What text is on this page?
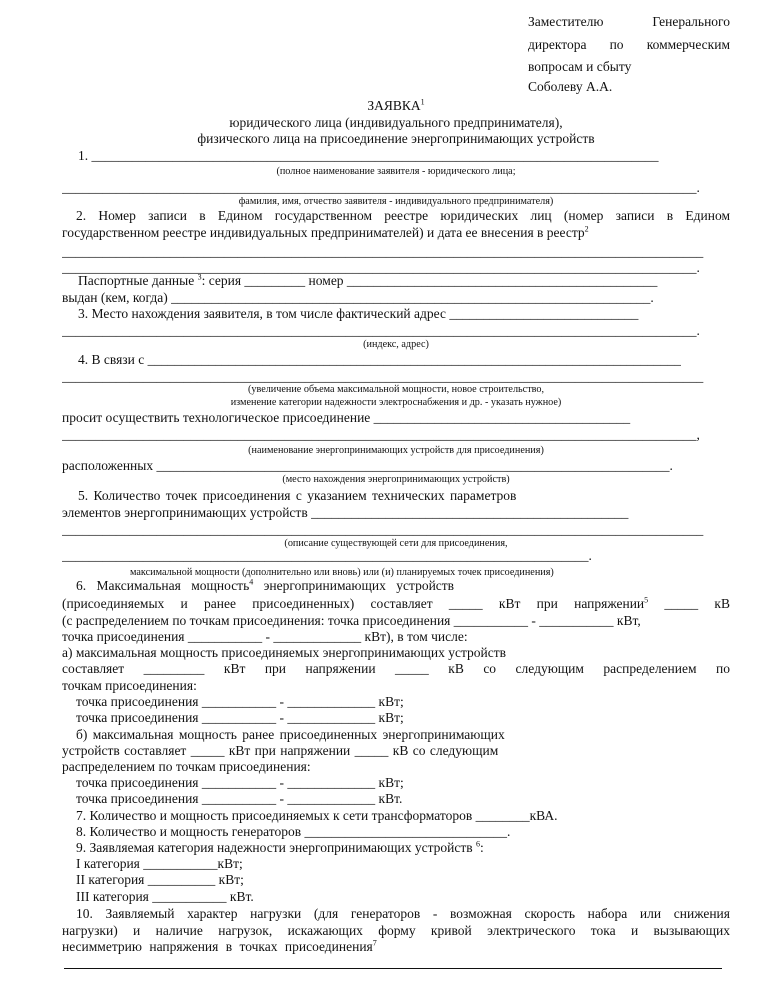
Заместителю Генерального
директора по коммерческим
вопросам и сбыту
Соболеву А.А.
ЗАЯВКА$^1$
юридического лица (индивидуального предпринимателя),
физического лица на присоединение энергопринимающих устройств
1. ____________________________________________________________________________________
(полное наименование заявителя - юридического лица;
______________________________________________________________________________________________.
фамилия, имя, отчество заявителя - индивидуального предпринимателя)
2. Номер записи в Едином государственном реестре юридических лиц (номер записи в Едином
государственном реестре индивидуальных предпринимателей) и дата ее внесения в реестр$^2$
_______________________________________________________________________________________________
______________________________________________________________________________________________.
Паспортные данные $^3$: серия _________ номер ______________________________________________
выдан (кем, когда) _______________________________________________________________________.
3. Место нахождения заявителя, в том числе фактический адрес ____________________________
______________________________________________________________________________________________.
(индекс, адрес)
4. В связи с _______________________________________________________________________________
_______________________________________________________________________________________________
(увеличение объема максимальной мощности, новое строительство,
изменение категории надежности электроснабжения и др. - указать нужное)
просит осуществить технологическое присоединение ______________________________________
______________________________________________________________________________________________,
(наименование энергопринимающих устройств для присоединения)
расположенных ____________________________________________________________________________.
(место нахождения энергопринимающих устройств)
5. Количество точек присоединения с указанием технических параметров
элементов энергопринимающих устройств _______________________________________________
_______________________________________________________________________________________________
(описание существующей сети для присоединения,
______________________________________________________________________________.
максимальной мощности (дополнительно или вновь) или (и) планируемых точек присоединения)
6. Максимальная мощность$^4$ энергопринимающих устройств
(присоединяемых и ранее присоединенных) составляет _____ кВт при напряжении$^5$ _____ кВ
(с распределением по точкам присоединения: точка присоединения ___________ - ___________ кВт,
точка присоединения ___________ - _____________ кВт), в том числе:
а) максимальная мощность присоединяемых энергопринимающих устройств
составляет _________ кВт при напряжении _____ кВ со следующим распределением по
точкам присоединения:
точка присоединения ___________ - _____________ кВт;
точка присоединения ___________ - _____________ кВт;
б) максимальная мощность ранее присоединенных энергопринимающих
устройств составляет _____ кВт при напряжении _____ кВ со следующим
распределением по точкам присоединения:
точка присоединения ___________ - _____________ кВт;
точка присоединения ___________ - _____________ кВт.
7. Количество и мощность присоединяемых к сети трансформаторов ________кВА.
8. Количество и мощность генераторов ______________________________.
9. Заявляемая категория надежности энергопринимающих устройств $^6$:
I категория ___________кВт;
II категория __________ кВт;
III категория ___________ кВт.
10. Заявляемый характер нагрузки (для генераторов - возможная скорость набора или снижения
нагрузки) и наличие нагрузок, искажающих форму кривой электрического тока и вызывающих
несимметрию напряжения в точках присоединения$^7$
